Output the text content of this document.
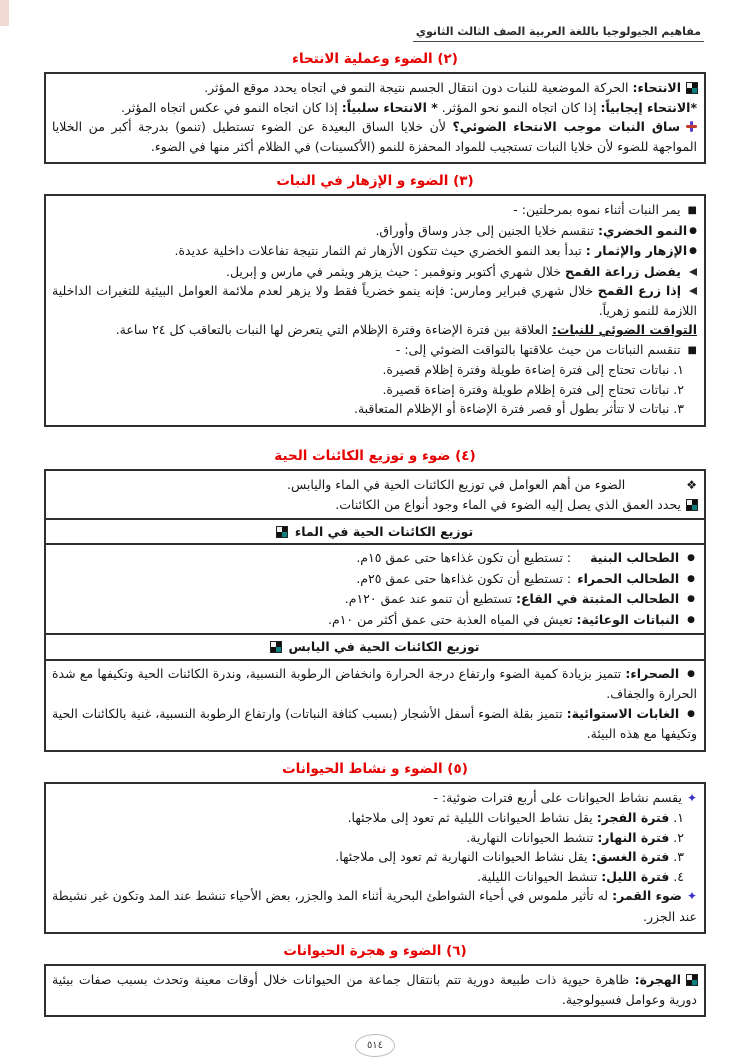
مفاهيم الجيولوجيا باللغة العربية الصف الثالث الثانوي
(٢) الضوء وعملية الانتحاء
الانتحاء: الحركة الموضعية للنبات دون انتقال الجسم نتيجة النمو في اتجاه يحدد موقع المؤثر.
*الانتحاء إيجابياً: إذا كان اتجاه النمو نحو المؤثر. * الانتحاء سلبياً: إذا كان اتجاه النمو في عكس اتجاه المؤثر.
ساق النبات موجب الانتحاء الضوئي؟ لأن خلايا الساق البعيدة عن الضوء تستطيل (تنمو) بدرجة أكبر من الخلايا المواجهة للضوء لأن خلايا النبات تستجيب للمواد المحفزة للنمو (الأكسينات) في الظلام أكثر منها في الضوء.
(٣) الضوء و الإزهار في النبات
■يمر النبات أثناء نموه بمرحلتين: -
●النمو الخضري: تنقسم خلايا الجنين إلى جذر وساق وأوراق.
●الإزهار والإثمار : تبدأ بعد النمو الخضري حيث تتكون الأزهار ثم الثمار نتيجة تفاعلات داخلية عديدة.
يفضل زراعة القمح خلال شهري أكتوبر ونوفمبر : حيث يزهر ويثمر في مارس و إبريل.
إذا زرع القمح خلال شهري فبراير ومارس: فإنه ينمو خضرياً فقط ولا يزهر لعدم ملائمة العوامل البيئية للتغيرات الداخلية اللازمة للنمو زهرياً.
التواقت الضوئي للنبات: العلاقة بين فترة الإضاءة وفترة الإظلام التي يتعرض لها النبات بالتعاقب كل ٢٤ ساعة.
■تنقسم النباتات من حيث علاقتها بالتواقت الضوئي إلى: -
١. نباتات تحتاج إلى فترة إضاءة طويلة وفترة إظلام قصيرة.
٢. نباتات تحتاج إلى فترة إظلام طويلة وفترة إضاءة قصيرة.
٣. نباتات لا تتأثر بطول أو قصر فترة الإضاءة أو الإظلام المتعاقبة.
(٤) ضوء و توزيع الكائنات الحية
❖الضوء من أهم العوامل في توزيع الكائنات الحية في الماء واليابس.
يحدد العمق الذي يصل إليه الضوء في الماء وجود أنواع من الكائنات.
توزيع الكائنات الحية في الماء
●الطحالب البنية: تستطيع أن تكون غذاءها حتى عمق ١٥م.
●الطحالب الحمراء: تستطيع أن تكون غذاءها حتى عمق ٢٥م.
●الطحالب المثبتة في القاع: تستطيع أن تنمو عند عمق ١٢٠م.
●النباتات الوعائية: تعيش في المياه العذبة حتى عمق أكثر من ١٠م.
توزيع الكائنات الحية في اليابس
●الصحراء: تتميز بزيادة كمية الضوء وارتفاع درجة الحرارة وانخفاض الرطوبة النسبية، وندرة الكائنات الحية وتكيفها مع شدة الحرارة والجفاف.
●الغابات الاستوائية: تتميز بقلة الضوء أسفل الأشجار (بسبب كثافة النباتات) وارتفاع الرطوبة النسبية، غنية بالكائنات الحية وتكيفها مع هذه البيئة.
(٥) الضوء و نشاط الحيوانات
✦يقسم نشاط الحيوانات على أربع فترات ضوئية: -
١. فترة الفجر: يقل نشاط الحيوانات الليلية ثم تعود إلى ملاجئها.
٢. فترة النهار: تنشط الحيوانات النهارية.
٣. فترة الغسق: يقل نشاط الحيوانات النهارية ثم تعود إلى ملاجئها.
٤. فترة الليل: تنشط الحيوانات الليلية.
✦ضوء القمر: له تأثير ملموس في أحياء الشواطئ البحرية أثناء المد والجزر، بعض الأحياء تنشط عند المد وتكون غير نشيطة عند الجزر.
(٦) الضوء و هجرة الحيوانات
الهجرة: ظاهرة حيوية ذات طبيعة دورية تتم بانتقال جماعة من الحيوانات خلال أوقات معينة وتحدث بسبب صفات بيئية دورية وعوامل فسيولوجية.
٥١٤
